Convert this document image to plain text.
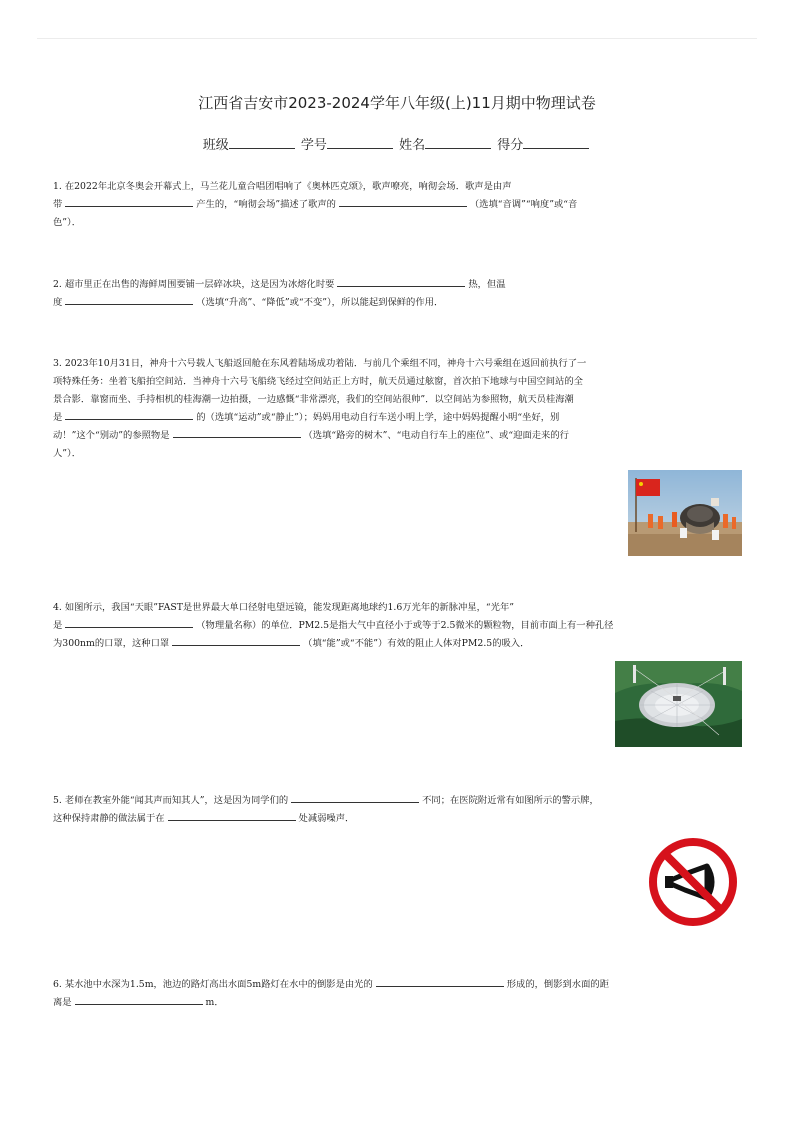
江西省吉安市2023-2024学年八年级(上)11月期中物理试卷
班级	学号	姓名	得分
1. 在2022年北京冬奥会开幕式上，马兰花儿童合唱团唱响了《奥林匹克颂》，歌声嘹亮，响彻会场．歌声是由声
带	产生的，“响彻会场”描述了歌声的	（选填“音调”“响度”或“音
色”）．
2. 超市里正在出售的海鲜周围要铺一层碎冰块，这是因为冰熔化时要	热，但温
度	（选填“升高”、“降低”或“不变”），所以能起到保鲜的作用．
3. 2023年10月31日，神舟十六号载人飞船返回舱在东风着陆场成功着陆．与前几个乘组不同，神舟十六号乘组在返回前执行了一
项特殊任务：坐着飞船拍空间站．当神舟十六号飞船绕飞经过空间站正上方时，航天员通过舷窗，首次拍下地球与中国空间站的全
景合影．靠窗而坐、手持相机的桂海潮一边拍摄，一边感慨“非常漂亮，我们的空间站很帅”．以空间站为参照物，航天员桂海潮
是	的（选填“运动”或“静止”）；妈妈用电动自行车送小明上学，途中妈妈提醒小明“坐好，别
动！”这个“别动”的参照物是	（选填“路旁的树木”、“电动自行车上的座位”、或“迎面走来的行
人”）．
4. 如图所示，我国“天眼”FAST是世界最大单口径射电望远镜，能发现距离地球约1.6万光年的新脉冲星，“光年”
是	（物理量名称）的单位．PM2.5是指大气中直径小于或等于2.5微米的颗粒物，目前市面上有一种孔径
为300nm的口罩，这种口罩	（填“能”或“不能”）有效的阻止人体对PM2.5的吸入．
5. 老师在教室外能“闻其声而知其人”，这是因为同学们的	不同；在医院附近常有如图所示的警示牌，
这种保持肃静的做法属于在	处减弱噪声．
6. 某水池中水深为1.5m，池边的路灯高出水面5m路灯在水中的倒影是由光的	形成的，倒影到水面的距
离是	m．
